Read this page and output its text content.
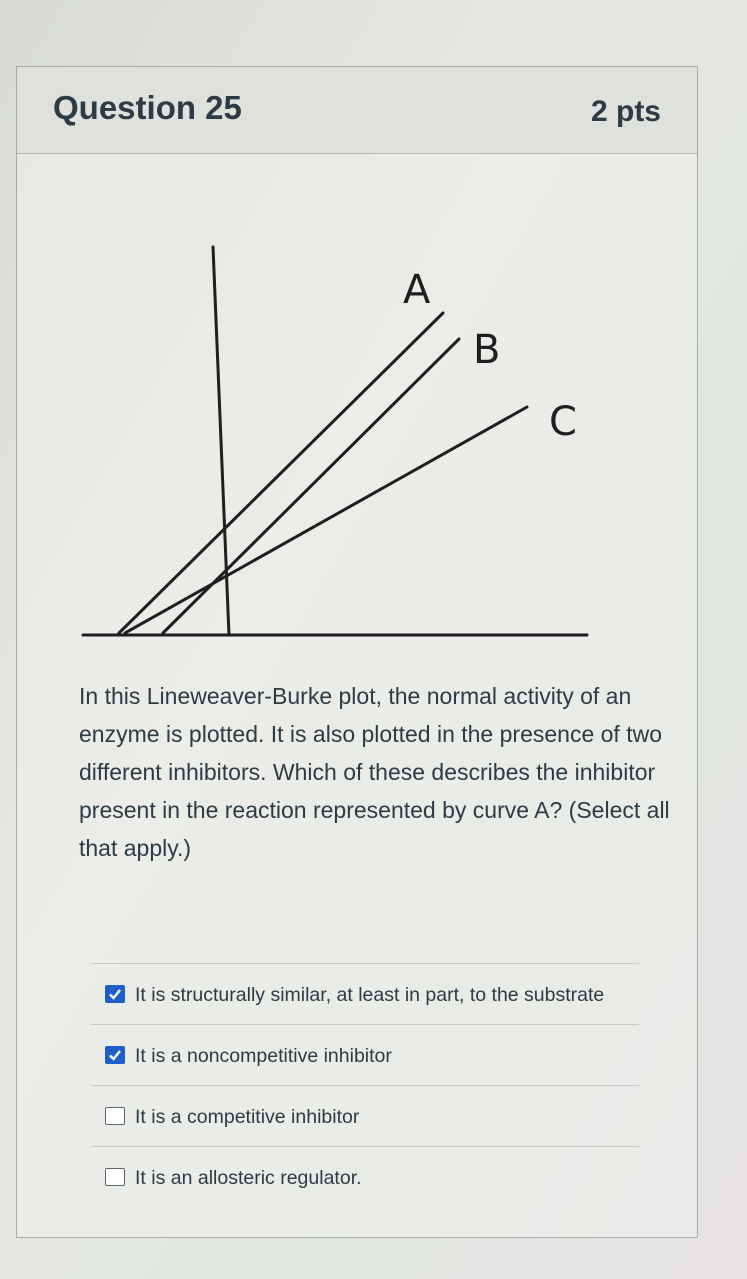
Question 25	2 pts
A
B
C
In this Lineweaver-Burke plot, the normal activity of an enzyme is plotted. It is also plotted in the presence of two different inhibitors. Which of these describes the inhibitor present in the reaction represented by curve A? (Select all that apply.)
It is structurally similar, at least in part, to the substrate
It is a noncompetitive inhibitor
It is a competitive inhibitor
It is an allosteric regulator.
